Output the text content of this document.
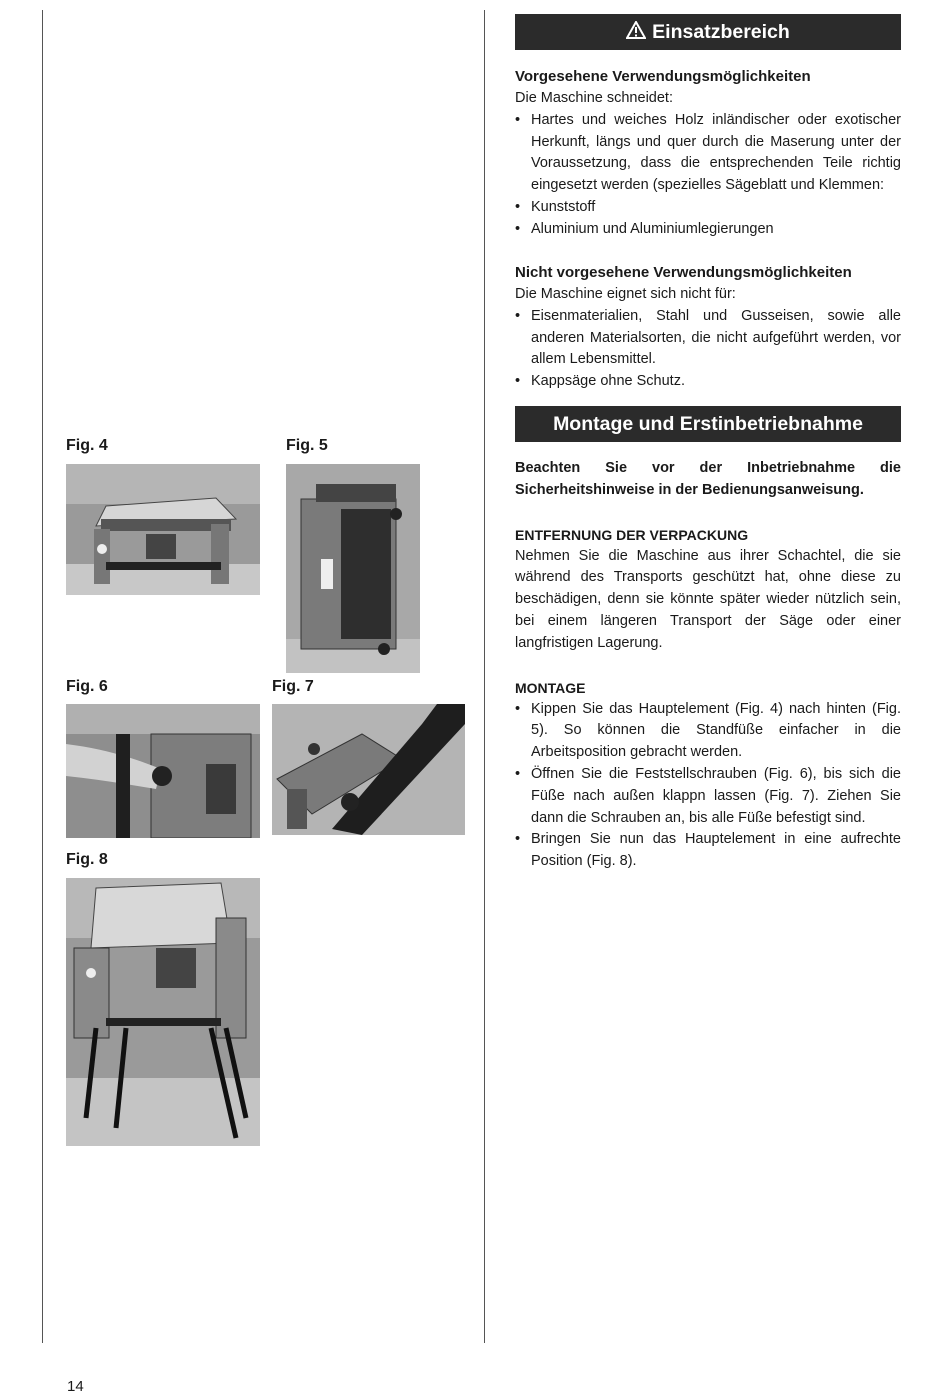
Einsatzbereich
Vorgesehene Verwendungsmöglichkeiten

Die Maschine schneidet:

• Hartes und weiches Holz inländischer oder exotischer Herkunft, längs und quer durch die Maserung unter der Voraussetzung, dass die entsprechenden Teile richtig eingesetzt werden (spezielles Sägeblatt und Klemmen:
• Kunststoff
• Aluminium und Aluminiumlegierungen
Nicht vorgesehene Verwendungsmöglichkeiten

Die Maschine eignet sich nicht für:

• Eisenmaterialien, Stahl und Gusseisen, sowie alle anderen Materialsorten, die nicht aufgeführt werden, vor allem Lebensmittel.
• Kappsäge ohne Schutz.
Montage und Erstinbetriebnahme

Beachten Sie vor der Inbetriebnahme die Sicherheitshinweise in der Bedienungsanweisung.

ENTFERNUNG DER VERPACKUNG

Nehmen Sie die Maschine aus ihrer Schachtel, die sie während des Transports geschützt hat, ohne diese zu beschädigen, denn sie könnte später wieder nützlich sein, bei einem längeren Transport der Säge oder einer langfristigen Lagerung.

MONTAGE
• Kippen Sie das Hauptelement (Fig. 4) nach hinten (Fig. 5). So können die Standfüße einfacher in die Arbeitsposition gebracht werden.
• Öffnen Sie die Feststellschrauben (Fig. 6), bis sich die Füße nach außen klappn lassen (Fig. 7). Ziehen Sie dann die Schrauben an, bis alle Füße befestigt sind.
• Bringen Sie nun das Hauptelement in eine aufrechte Position (Fig. 8).
Fig. 4	Fig. 5
Fig. 6	Fig. 7
Fig. 8
14
